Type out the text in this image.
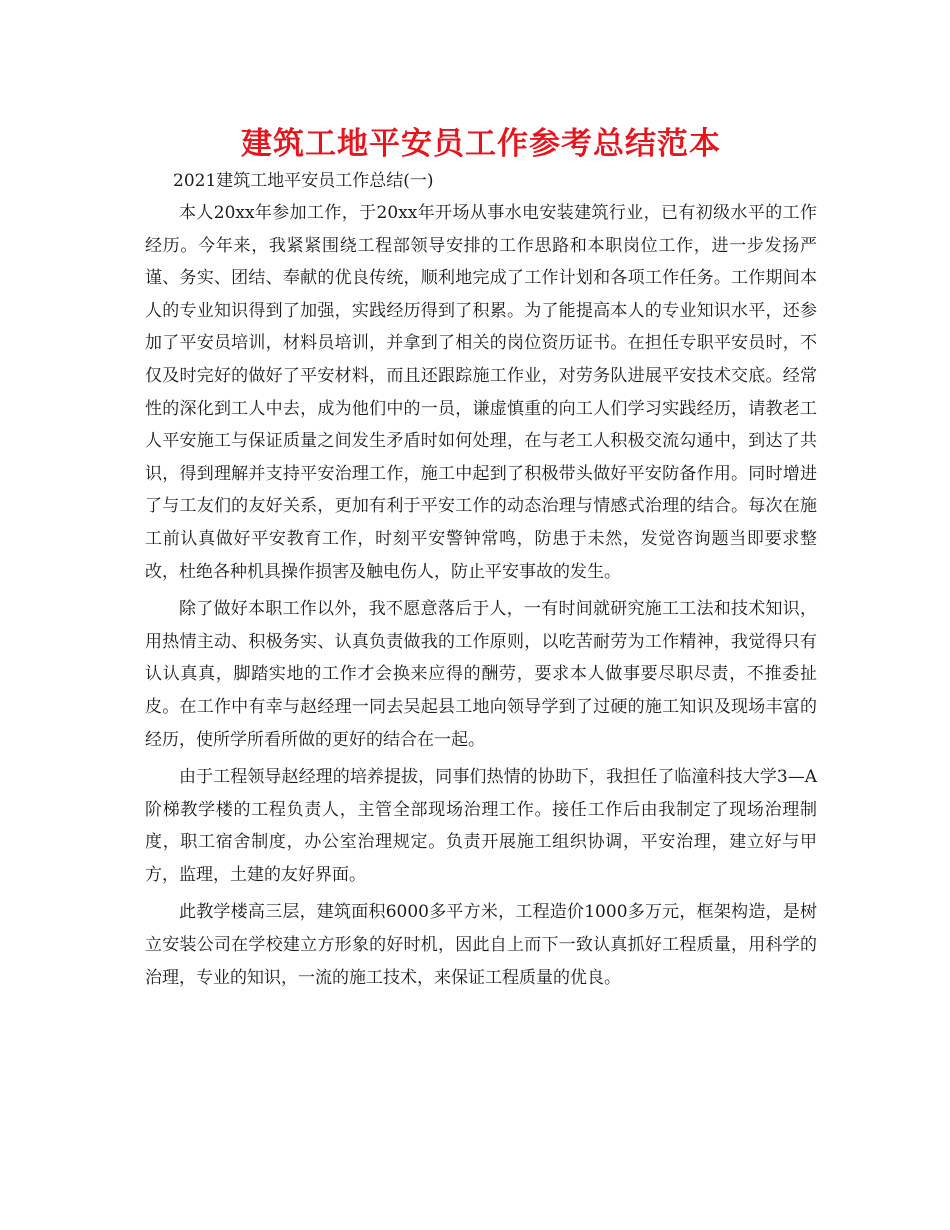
建筑工地平安员工作参考总结范本

2021建筑工地平安员工作总结(一)

本人20xx年参加工作，于20xx年开场从事水电安装建筑行业，已有初级水平的工作经历。今年来，我紧紧围绕工程部领导安排的工作思路和本职岗位工作，进一步发扬严谨、务实、团结、奉献的优良传统，顺利地完成了工作计划和各项工作任务。工作期间本人的专业知识得到了加强，实践经历得到了积累。为了能提高本人的专业知识水平，还参加了平安员培训，材料员培训，并拿到了相关的岗位资历证书。在担任专职平安员时，不仅及时完好的做好了平安材料，而且还跟踪施工作业，对劳务队进展平安技术交底。经常性的深化到工人中去，成为他们中的一员，谦虚慎重的向工人们学习实践经历，请教老工人平安施工与保证质量之间发生矛盾时如何处理，在与老工人积极交流勾通中，到达了共识，得到理解并支持平安治理工作，施工中起到了积极带头做好平安防备作用。同时增进了与工友们的友好关系，更加有利于平安工作的动态治理与情感式治理的结合。每次在施工前认真做好平安教育工作，时刻平安警钟常鸣，防患于未然，发觉咨询题当即要求整改，杜绝各种机具操作损害及触电伤人，防止平安事故的发生。

除了做好本职工作以外，我不愿意落后于人，一有时间就研究施工工法和技术知识，用热情主动、积极务实、认真负责做我的工作原则，以吃苦耐劳为工作精神，我觉得只有认认真真，脚踏实地的工作才会换来应得的酬劳，要求本人做事要尽职尽责，不推委扯皮。在工作中有幸与赵经理一同去吴起县工地向领导学到了过硬的施工知识及现场丰富的经历，使所学所看所做的更好的结合在一起。

由于工程领导赵经理的培养提拔，同事们热情的协助下，我担任了临潼科技大学3—A阶梯教学楼的工程负责人，主管全部现场治理工作。接任工作后由我制定了现场治理制度，职工宿舍制度，办公室治理规定。负责开展施工组织协调，平安治理，建立好与甲方，监理，土建的友好界面。

此教学楼高三层，建筑面积6000多平方米，工程造价1000多万元，框架构造，是树立安装公司在学校建立方形象的好时机，因此自上而下一致认真抓好工程质量，用科学的治理，专业的知识，一流的施工技术，来保证工程质量的优良。
